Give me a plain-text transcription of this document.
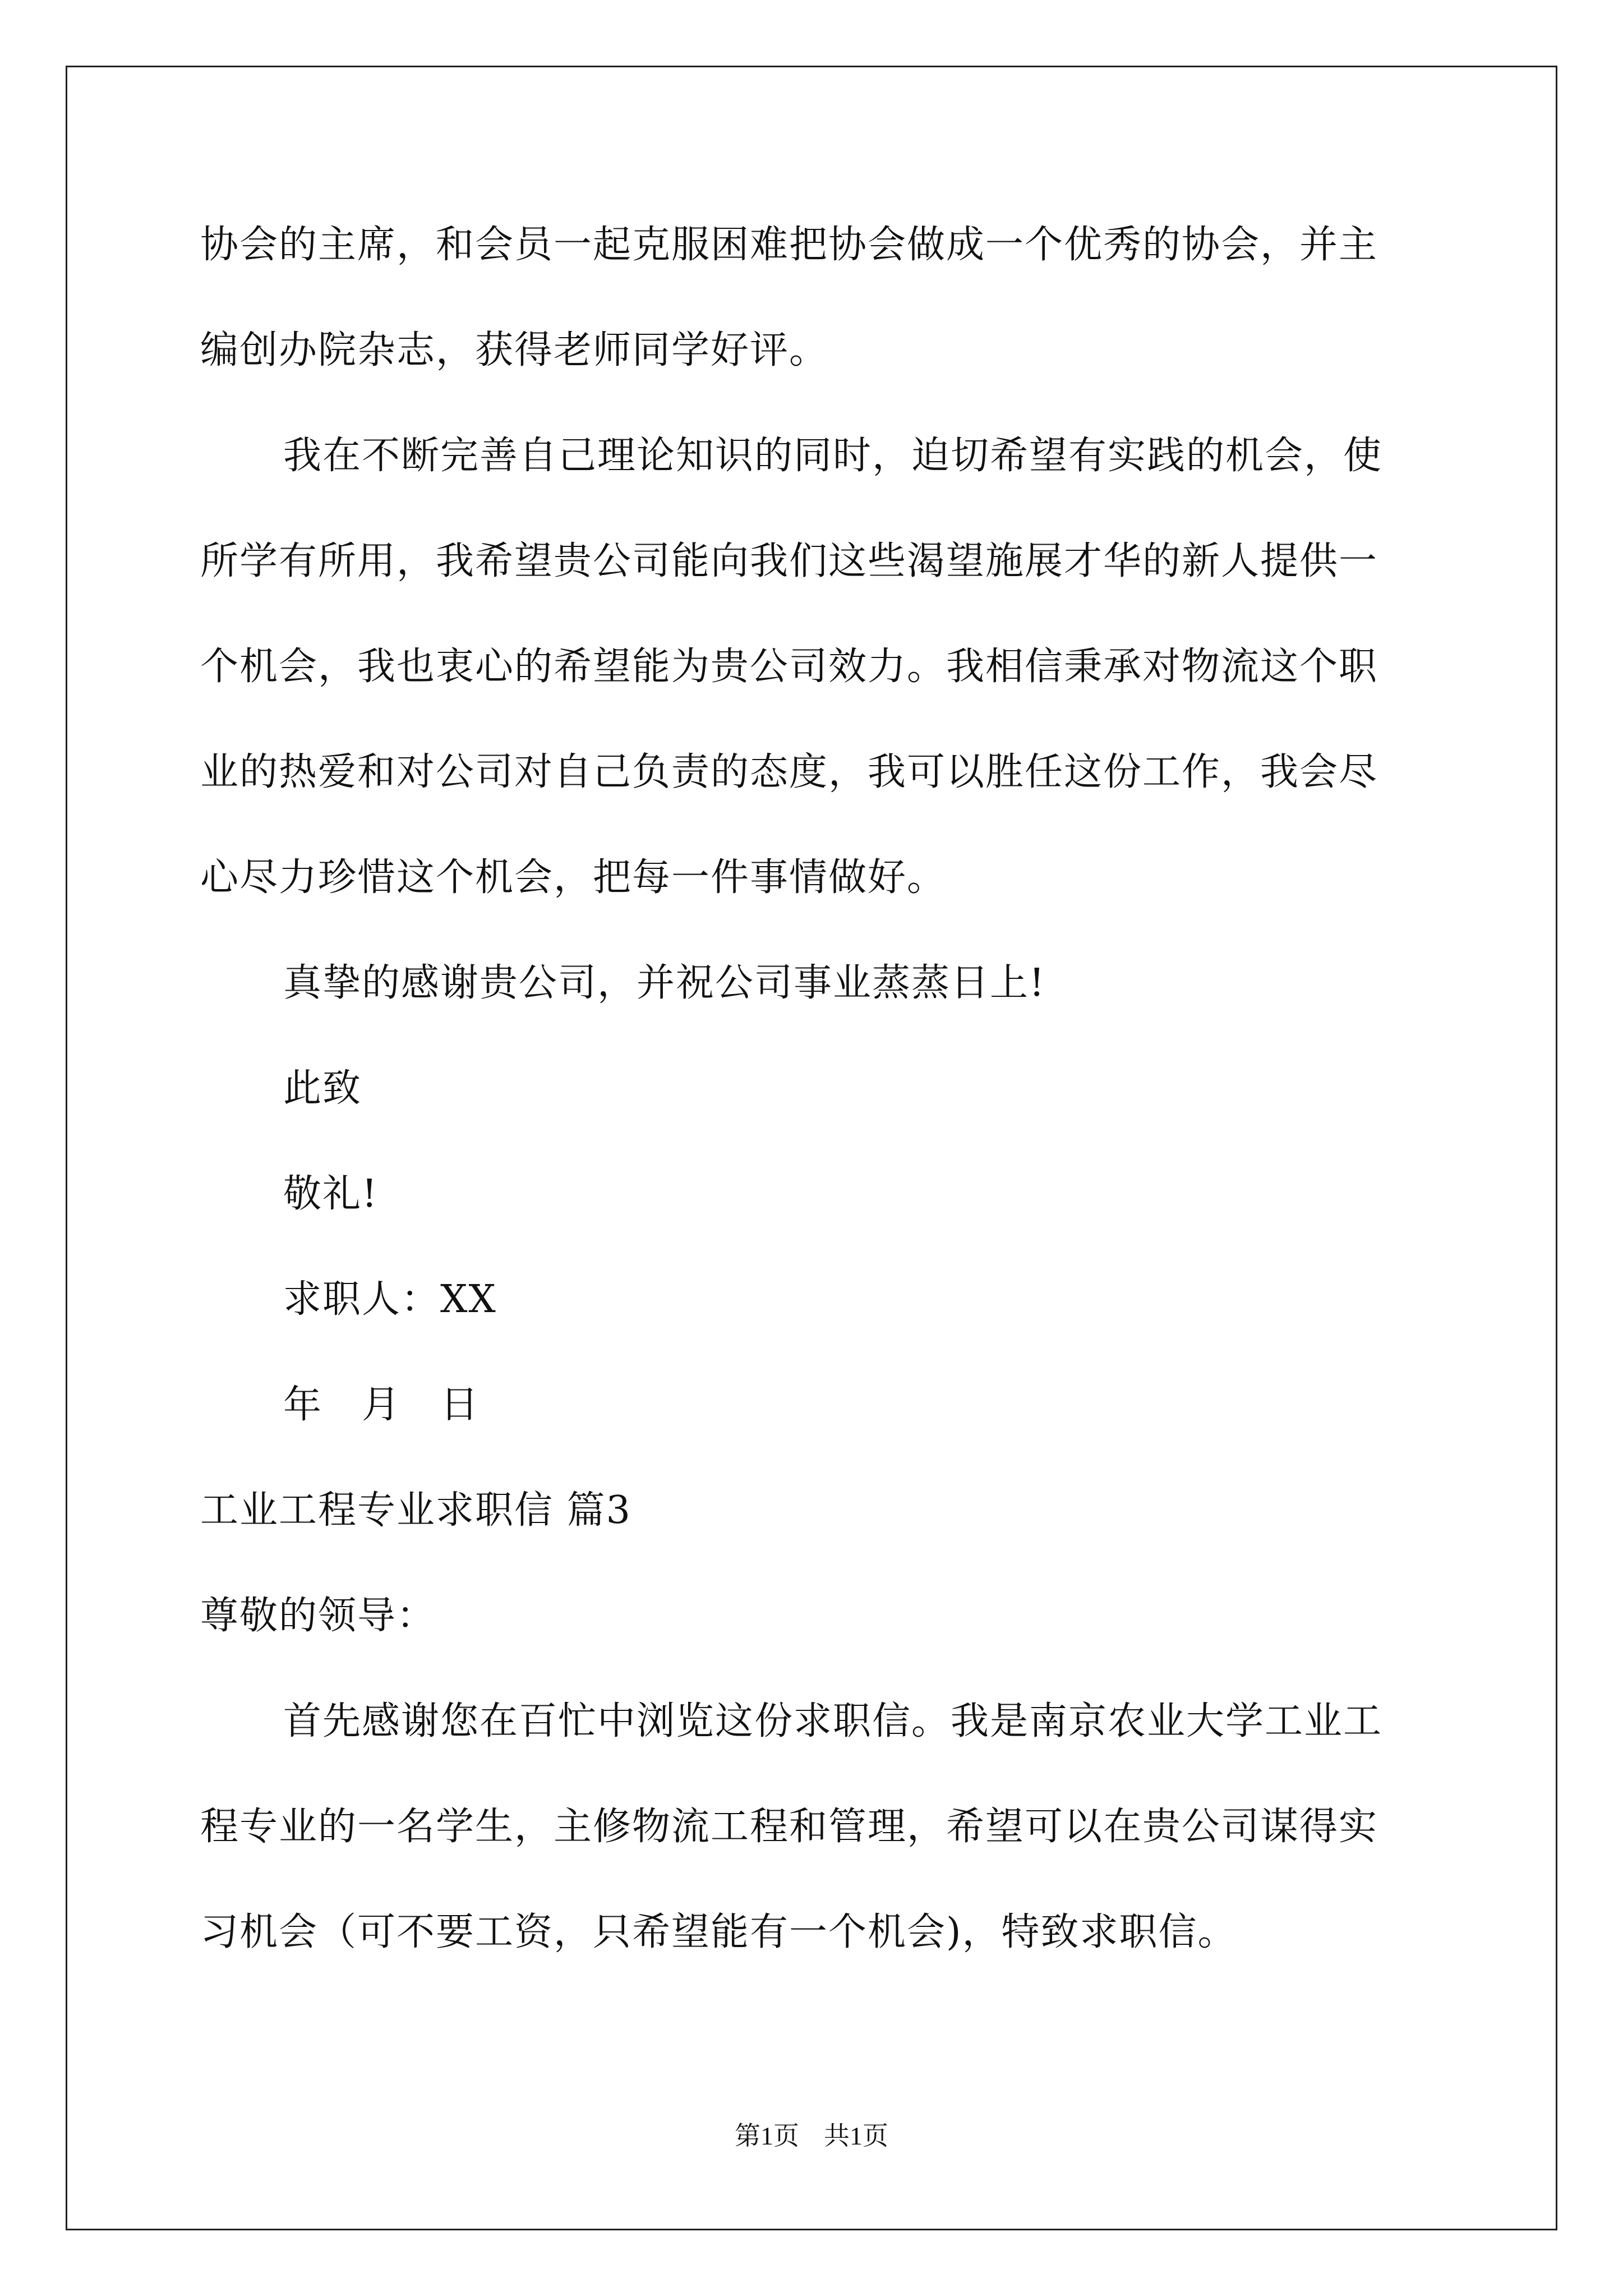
协会的主席，和会员一起克服困难把协会做成一个优秀的协会，并主
编创办院杂志，获得老师同学好评。
我在不断完善自己理论知识的同时，迫切希望有实践的机会，使
所学有所用，我希望贵公司能向我们这些渴望施展才华的新人提供一
个机会，我也衷心的希望能为贵公司效力。我相信秉承对物流这个职
业的热爱和对公司对自己负责的态度，我可以胜任这份工作，我会尽
心尽力珍惜这个机会，把每一件事情做好。
真挚的感谢贵公司，并祝公司事业蒸蒸日上!
此致
敬礼!
求职人：XX
年　月　日
工业工程专业求职信 篇3
尊敬的领导：
首先感谢您在百忙中浏览这份求职信。我是南京农业大学工业工
程专业的一名学生，主修物流工程和管理，希望可以在贵公司谋得实
习机会（可不要工资，只希望能有一个机会)，特致求职信。
第1页 共1页
